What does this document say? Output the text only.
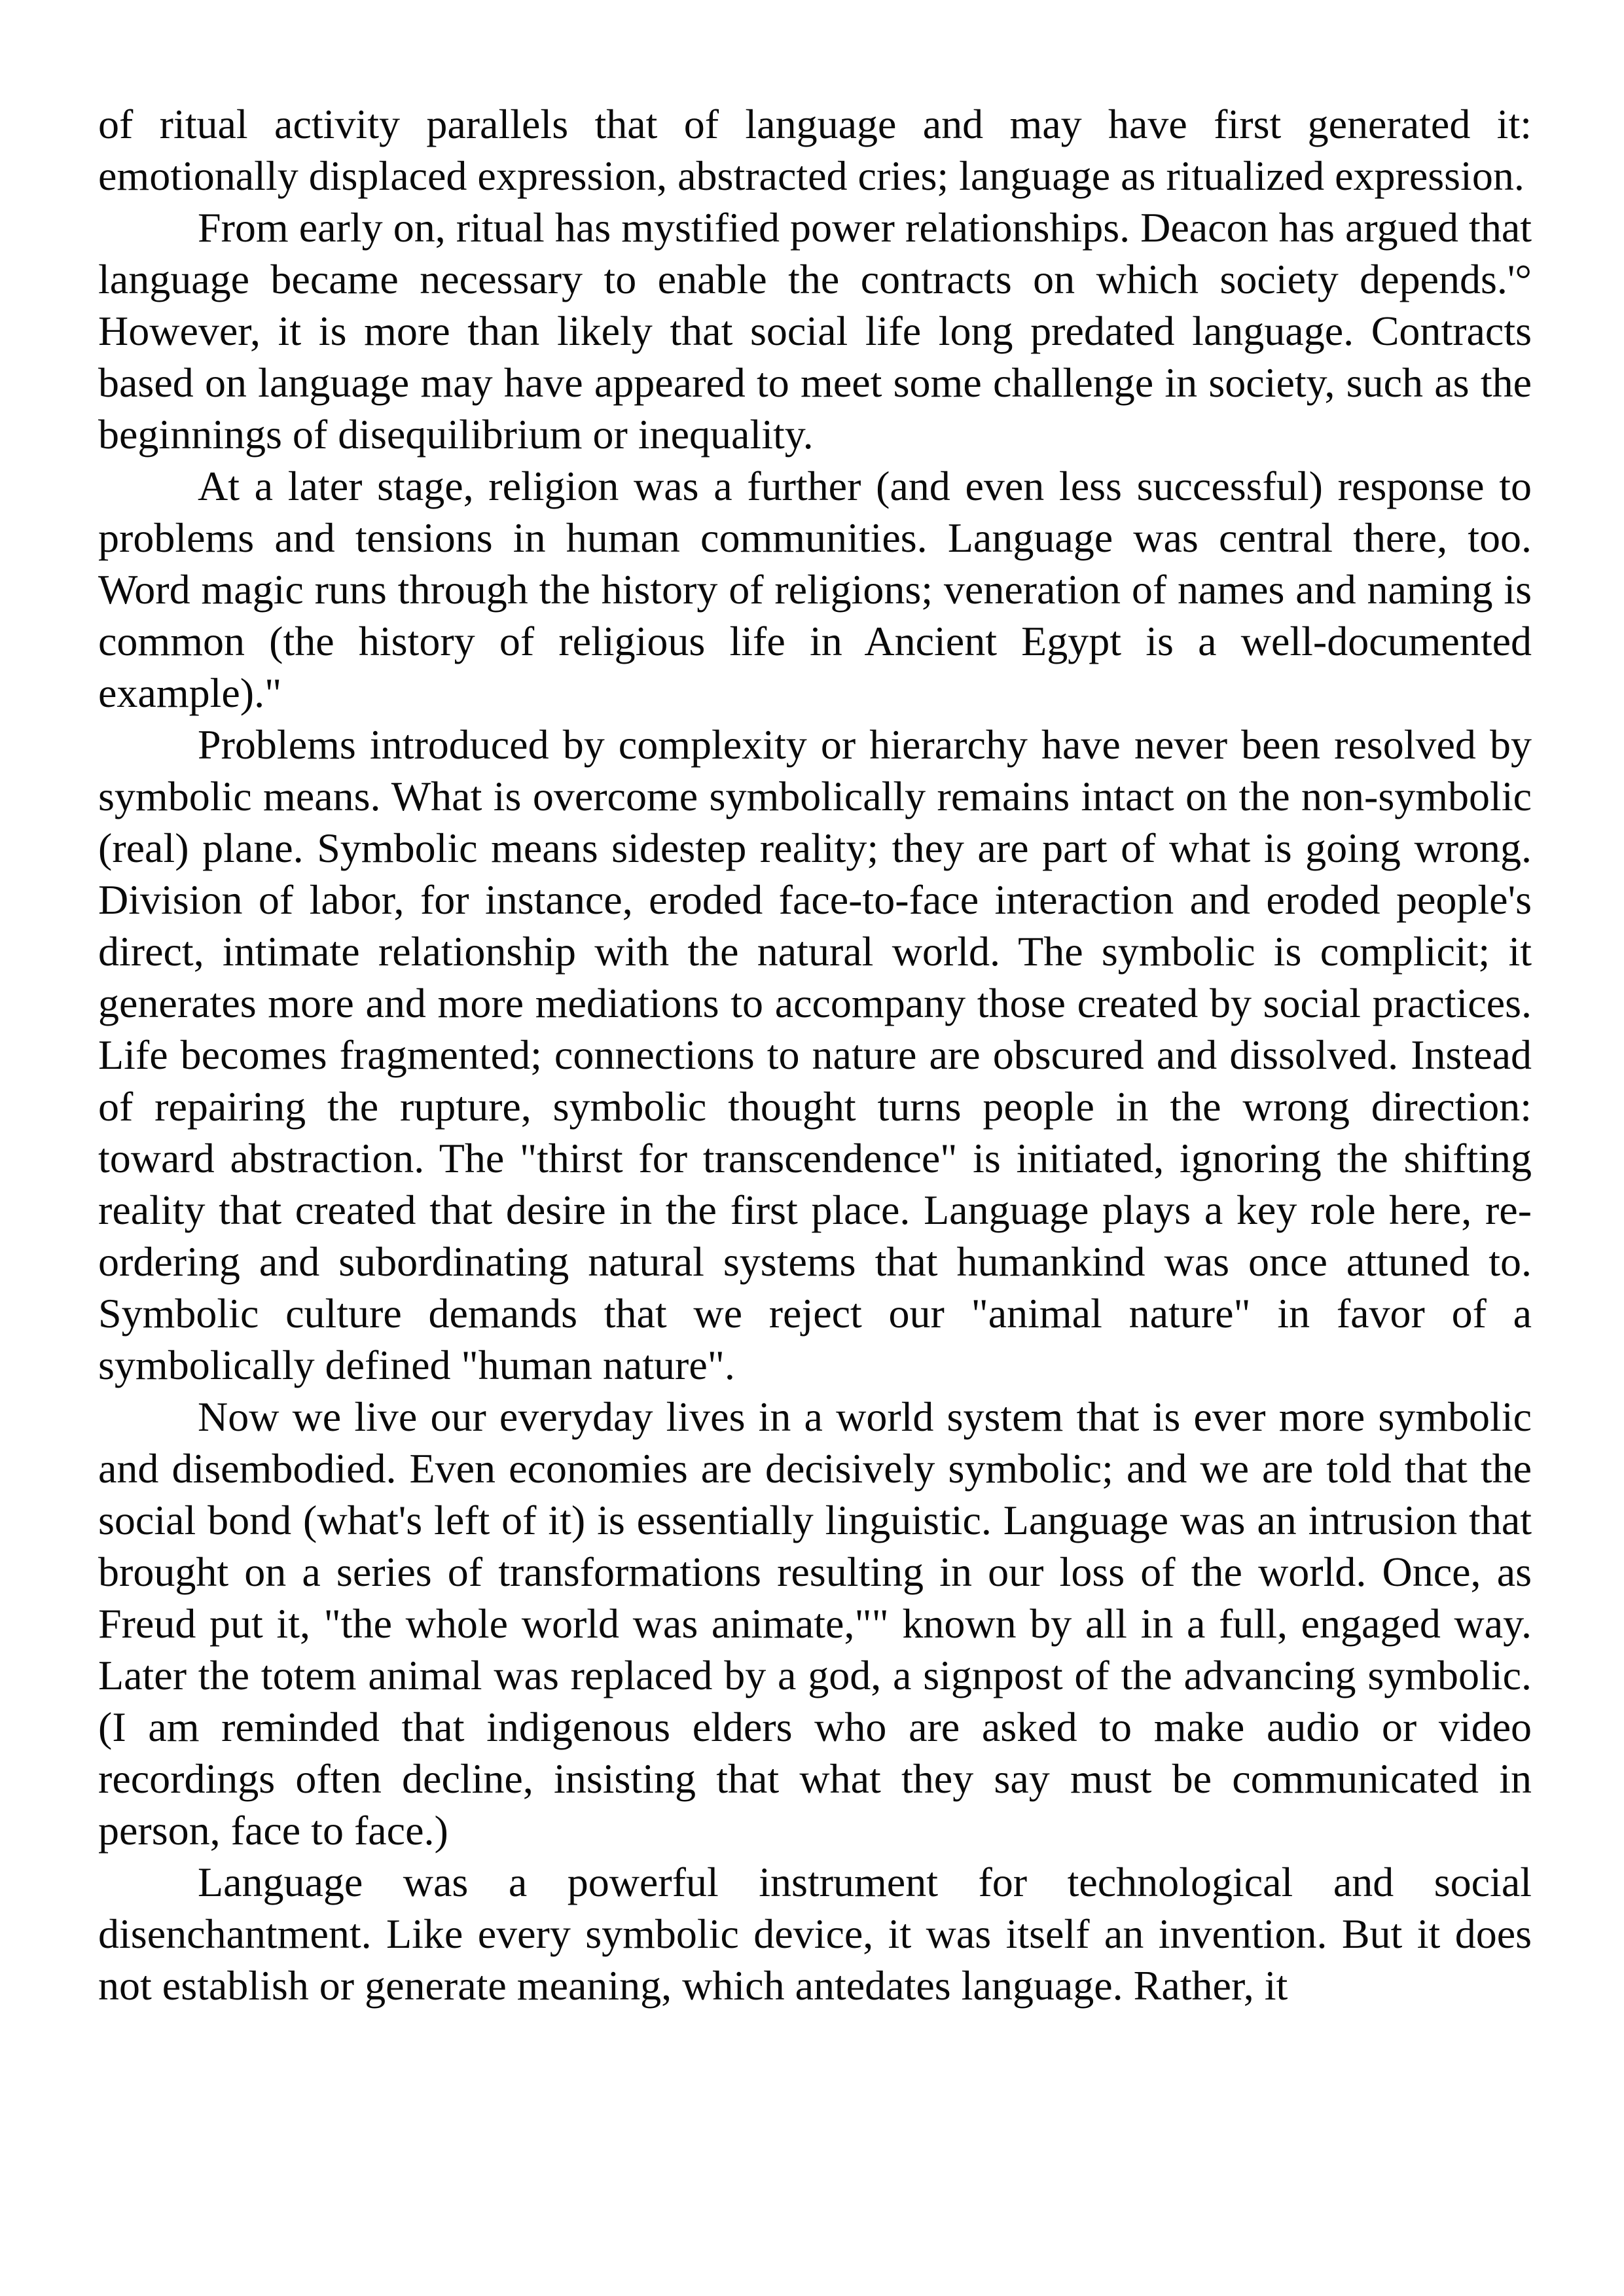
of ritual activity parallels that of language and may have first generated it: emotionally displaced expression, abstracted cries; language as ritualized expression.

From early on, ritual has mystified power relationships. Deacon has argued that language became necessary to enable the contracts on which society depends.'° However, it is more than likely that social life long predated language. Contracts based on language may have appeared to meet some challenge in society, such as the beginnings of disequilibrium or inequality.

At a later stage, religion was a further (and even less successful) response to problems and tensions in human communities. Language was central there, too. Word magic runs through the history of religions; veneration of names and naming is common (the history of religious life in Ancient Egypt is a well-documented example)."

Problems introduced by complexity or hierarchy have never been resolved by symbolic means. What is overcome symbolically remains intact on the non-symbolic (real) plane. Symbolic means sidestep reality; they are part of what is going wrong. Division of labor, for instance, eroded face-to-face interaction and eroded people's direct, intimate relationship with the natural world. The symbolic is complicit; it generates more and more mediations to accompany those created by social practices. Life becomes fragmented; connections to nature are obscured and dissolved. Instead of repairing the rupture, symbolic thought turns people in the wrong direction: toward abstraction. The "thirst for transcendence" is initiated, ignoring the shifting reality that created that desire in the first place. Language plays a key role here, re-ordering and subordinating natural systems that humankind was once attuned to. Symbolic culture demands that we reject our "animal nature" in favor of a symbolically defined "human nature".

Now we live our everyday lives in a world system that is ever more symbolic and disembodied. Even economies are decisively symbolic; and we are told that the social bond (what's left of it) is essentially linguistic. Language was an intrusion that brought on a series of transformations resulting in our loss of the world. Once, as Freud put it, "the whole world was animate,"" known by all in a full, engaged way. Later the totem animal was replaced by a god, a signpost of the advancing symbolic. (I am reminded that indigenous elders who are asked to make audio or video recordings often decline, insisting that what they say must be communicated in person, face to face.)

Language was a powerful instrument for technological and social disenchantment. Like every symbolic device, it was itself an invention. But it does not establish or generate meaning, which antedates language. Rather, it
